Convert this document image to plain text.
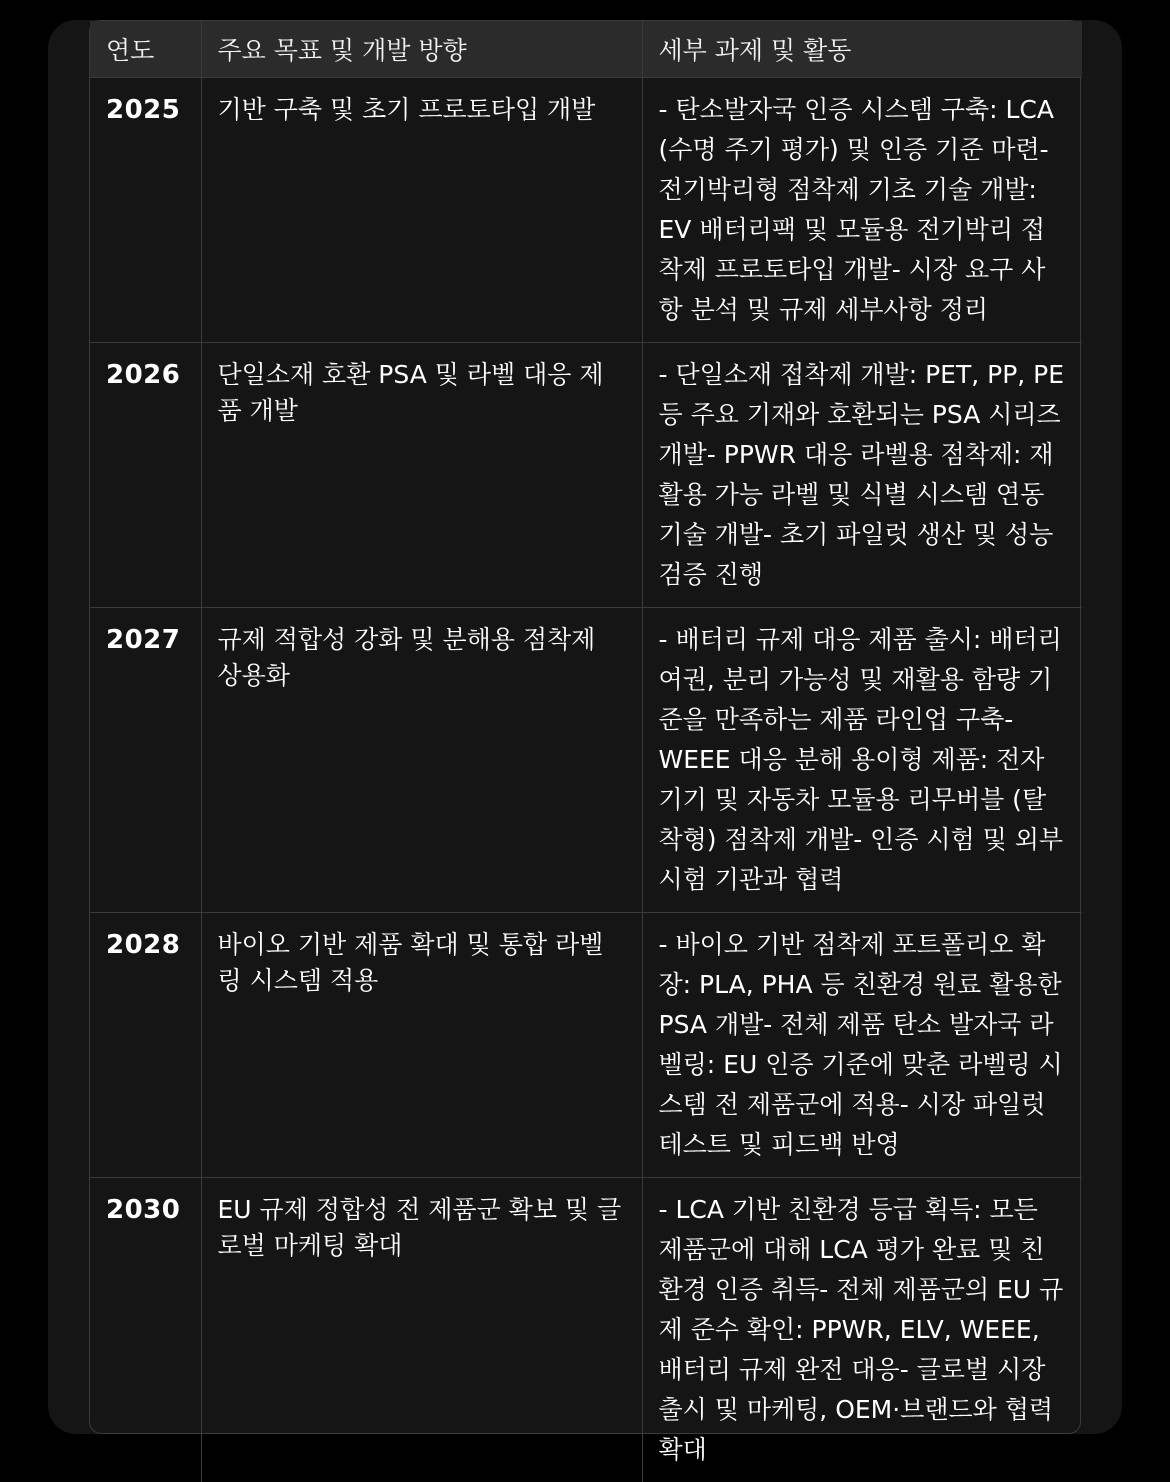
연도	주요 목표 및 개발 방향	세부 과제 및 활동
2025	기반 구축 및 초기 프로토타입 개발	- 탄소발자국 인증 시스템 구축: LCA (수명 주기 평가) 및 인증 기준 마련- 전기박리형 점착제 기초 기술 개발: EV 배터리팩 및 모듈용 전기박리 접착제 프로토타입 개발- 시장 요구 사항 분석 및 규제 세부사항 정리
2026	단일소재 호환 PSA 및 라벨 대응 제품 개발	- 단일소재 접착제 개발: PET, PP, PE 등 주요 기재와 호환되는 PSA 시리즈 개발- PPWR 대응 라벨용 점착제: 재활용 가능 라벨 및 식별 시스템 연동 기술 개발- 초기 파일럿 생산 및 성능 검증 진행
2027	규제 적합성 강화 및 분해용 점착제 상용화	- 배터리 규제 대응 제품 출시: 배터리 여권, 분리 가능성 및 재활용 함량 기준을 만족하는 제품 라인업 구축- WEEE 대응 분해 용이형 제품: 전자기기 및 자동차 모듈용 리무버블 (탈착형) 점착제 개발- 인증 시험 및 외부 시험 기관과 협력
2028	바이오 기반 제품 확대 및 통합 라벨링 시스템 적용	- 바이오 기반 점착제 포트폴리오 확장: PLA, PHA 등 친환경 원료 활용한 PSA 개발- 전체 제품 탄소 발자국 라벨링: EU 인증 기준에 맞춘 라벨링 시스템 전 제품군에 적용- 시장 파일럿 테스트 및 피드백 반영
2030	EU 규제 정합성 전 제품군 확보 및 글로벌 마케팅 확대	- LCA 기반 친환경 등급 획득: 모든 제품군에 대해 LCA 평가 완료 및 친환경 인증 취득- 전체 제품군의 EU 규제 준수 확인: PPWR, ELV, WEEE, 배터리 규제 완전 대응- 글로벌 시장 출시 및 마케팅, OEM·브랜드와 협력 확대
